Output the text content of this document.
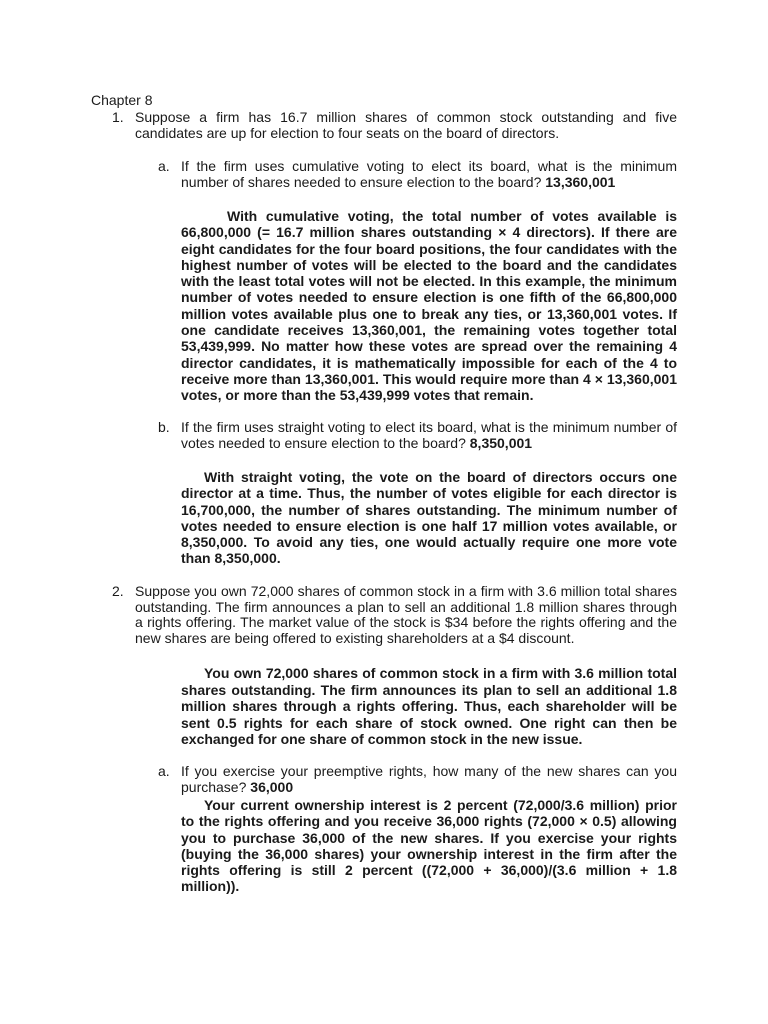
Chapter 8
1. Suppose a firm has 16.7 million shares of common stock outstanding and five candidates are up for election to four seats on the board of directors.

a. If the firm uses cumulative voting to elect its board, what is the minimum number of shares needed to ensure election to the board? 13,360,001

With cumulative voting, the total number of votes available is 66,800,000 (= 16.7 million shares outstanding × 4 directors). If there are eight candidates for the four board positions, the four candidates with the highest number of votes will be elected to the board and the candidates with the least total votes will not be elected. In this example, the minimum number of votes needed to ensure election is one fifth of the 66,800,000 million votes available plus one to break any ties, or 13,360,001 votes. If one candidate receives 13,360,001, the remaining votes together total 53,439,999. No matter how these votes are spread over the remaining 4 director candidates, it is mathematically impossible for each of the 4 to receive more than 13,360,001. This would require more than 4 × 13,360,001 votes, or more than the 53,439,999 votes that remain.

b. If the firm uses straight voting to elect its board, what is the minimum number of votes needed to ensure election to the board? 8,350,001

With straight voting, the vote on the board of directors occurs one director at a time. Thus, the number of votes eligible for each director is 16,700,000, the number of shares outstanding. The minimum number of votes needed to ensure election is one half 17 million votes available, or 8,350,000. To avoid any ties, one would actually require one more vote than 8,350,000.

2. Suppose you own 72,000 shares of common stock in a firm with 3.6 million total shares outstanding. The firm announces a plan to sell an additional 1.8 million shares through a rights offering. The market value of the stock is $34 before the rights offering and the new shares are being offered to existing shareholders at a $4 discount.

You own 72,000 shares of common stock in a firm with 3.6 million total shares outstanding. The firm announces its plan to sell an additional 1.8 million shares through a rights offering. Thus, each shareholder will be sent 0.5 rights for each share of stock owned. One right can then be exchanged for one share of common stock in the new issue.

a. If you exercise your preemptive rights, how many of the new shares can you purchase? 36,000

Your current ownership interest is 2 percent (72,000/3.6 million) prior to the rights offering and you receive 36,000 rights (72,000 × 0.5) allowing you to purchase 36,000 of the new shares. If you exercise your rights (buying the 36,000 shares) your ownership interest in the firm after the rights offering is still 2 percent ((72,000 + 36,000)/(3.6 million + 1.8 million)).
